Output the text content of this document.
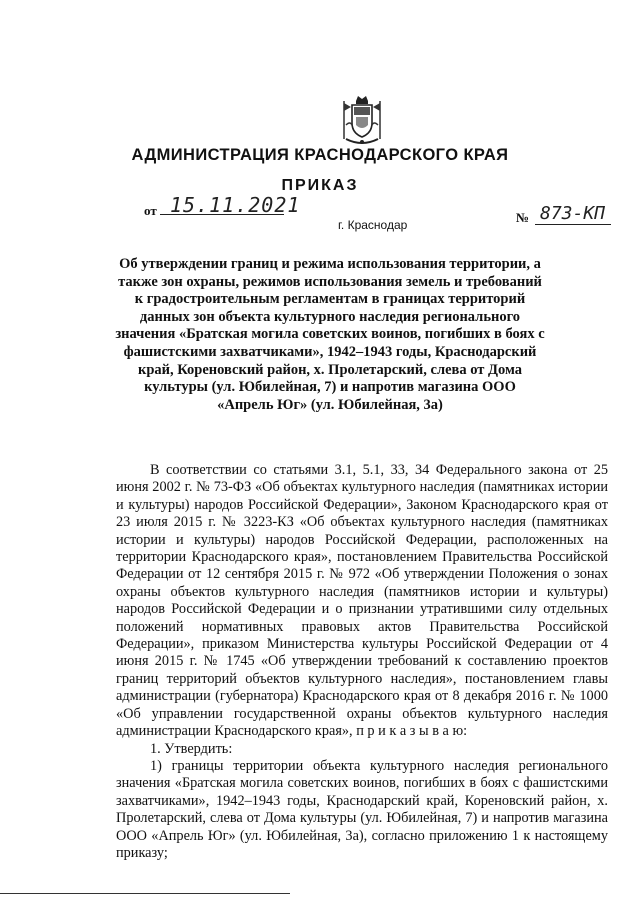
АДМИНИСТРАЦИЯ КРАСНОДАРСКОГО КРАЯ
ПРИКАЗ
от 15.11.2021
г. Краснодар	№ 873-КП
Об утверждении границ и режима использования территории, а также зон охраны, режимов использования земель и требований к градостроительным регламентам в границах территорий данных зон объекта культурного наследия регионального значения «Братская могила советских воинов, погибших в боях с фашистскими захватчиками», 1942–1943 годы, Краснодарский край, Кореновский район, х. Пролетарский, слева от Дома культуры (ул. Юбилейная, 7) и напротив магазина ООО «Апрель Юг» (ул. Юбилейная, 3а)

В соответствии со статьями 3.1, 5.1, 33, 34 Федерального закона от 25 июня 2002 г. № 73-ФЗ «Об объектах культурного наследия (памятниках истории и культуры) народов Российской Федерации», Законом Краснодарского края от 23 июля 2015 г. № 3223-КЗ «Об объектах культурного наследия (памятниках истории и культуры) народов Российской Федерации, расположенных на территории Краснодарского края», постановлением Правительства Российской Федерации от 12 сентября 2015 г. № 972 «Об утверждении Положения о зонах охраны объектов культурного наследия (памятников истории и культуры) народов Российской Федерации и о признании утратившими силу отдельных положений нормативных правовых актов Правительства Российской Федерации», приказом Министерства культуры Российской Федерации от 4 июня 2015 г. № 1745 «Об утверждении требований к составлению проектов границ территорий объектов культурного наследия», постановлением главы администрации (губернатора) Краснодарского края от 8 декабря 2016 г. № 1000 «Об управлении государственной охраны объектов культурного наследия администрации Краснодарского края», п р и к а з ы в а ю:

1. Утвердить:

1) границы территории объекта культурного наследия регионального значения «Братская могила советских воинов, погибших в боях с фашистскими захватчиками», 1942–1943 годы, Краснодарский край, Кореновский район, х. Пролетарский, слева от Дома культуры (ул. Юбилейная, 7) и напротив магазина ООО «Апрель Юг» (ул. Юбилейная, 3а), согласно приложению 1 к настоящему приказу;
